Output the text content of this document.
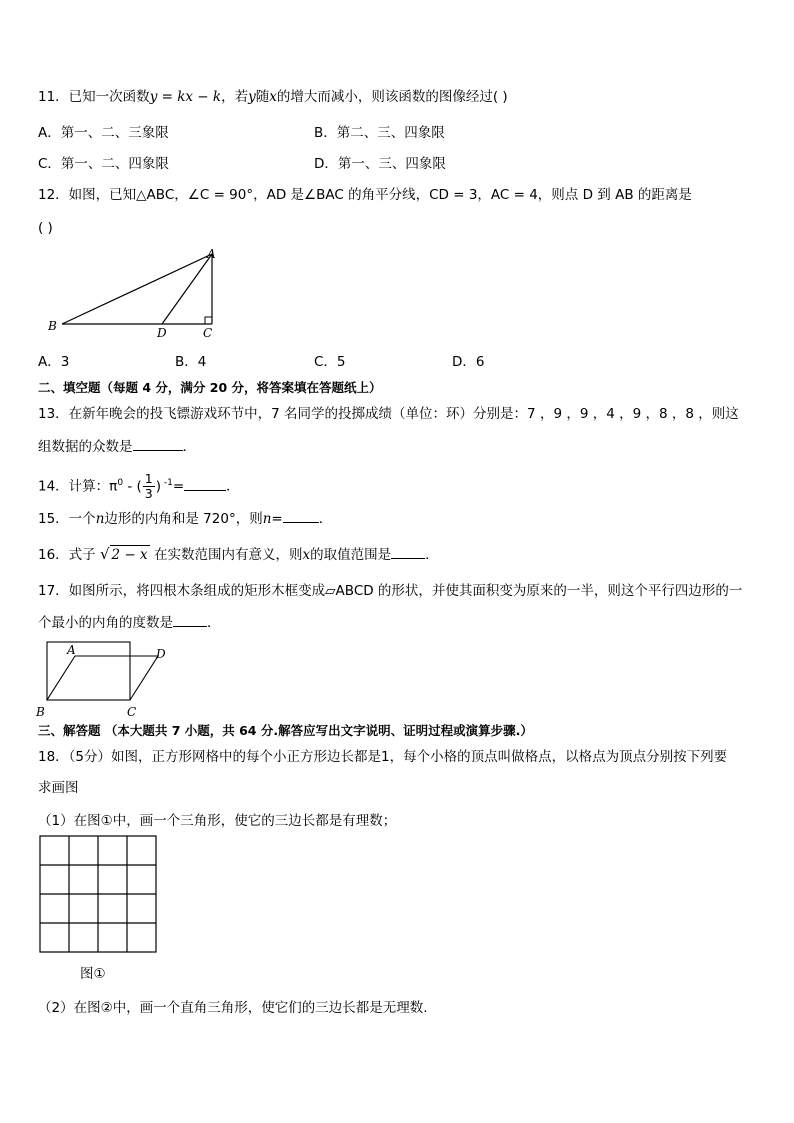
11．已知一次函数y = kx − k，若y随x的增大而减小，则该函数的图像经过( )
A．第一、二、三象限	B．第二、三、四象限
C．第一、二、四象限	D．第一、三、四象限
12．如图，已知△ABC，∠C = 90°，AD 是∠BAC 的角平分线，CD = 3，AC = 4，则点 D 到 AB 的距离是
( )
A
B	C
D
A．3	B．4	C．5	D．6
二、填空题（每题 4 分，满分 20 分，将答案填在答题纸上）
13．在新年晚会的投飞镖游戏环节中，7 名同学的投掷成绩（单位：环）分别是：7 ，9 ，9 ，4 ，9 ，8 ，8 ，则这
组数据的众数是	．
14．计算：$\pi^0$ - ( $\frac{1}{3}$ ) $^{-1}$=	．
15．一个n边形的内角和是 720°，则n=	．
16．式子 √ 2 − x 在实数范围内有意义，则x的取值范围是	．
17．如图所示，将四根木条组成的矩形木框变成▱ABCD 的形状，并使其面积变为原来的一半，则这个平行四边形的一
个最小的内角的度数是	．
A
B	C
D
三、解答题 （本大题共 7 小题，共 64 分.解答应写出文字说明、证明过程或演算步骤.）
18．（5分）如图，正方形网格中的每个小正方形边长都是1，每个小格的顶点叫做格点，以格点为顶点分别按下列要
求画图
（1）在图①中，画一个三角形，使它的三边长都是有理数；
图①
（2）在图②中，画一个直角三角形，使它们的三边长都是无理数.
